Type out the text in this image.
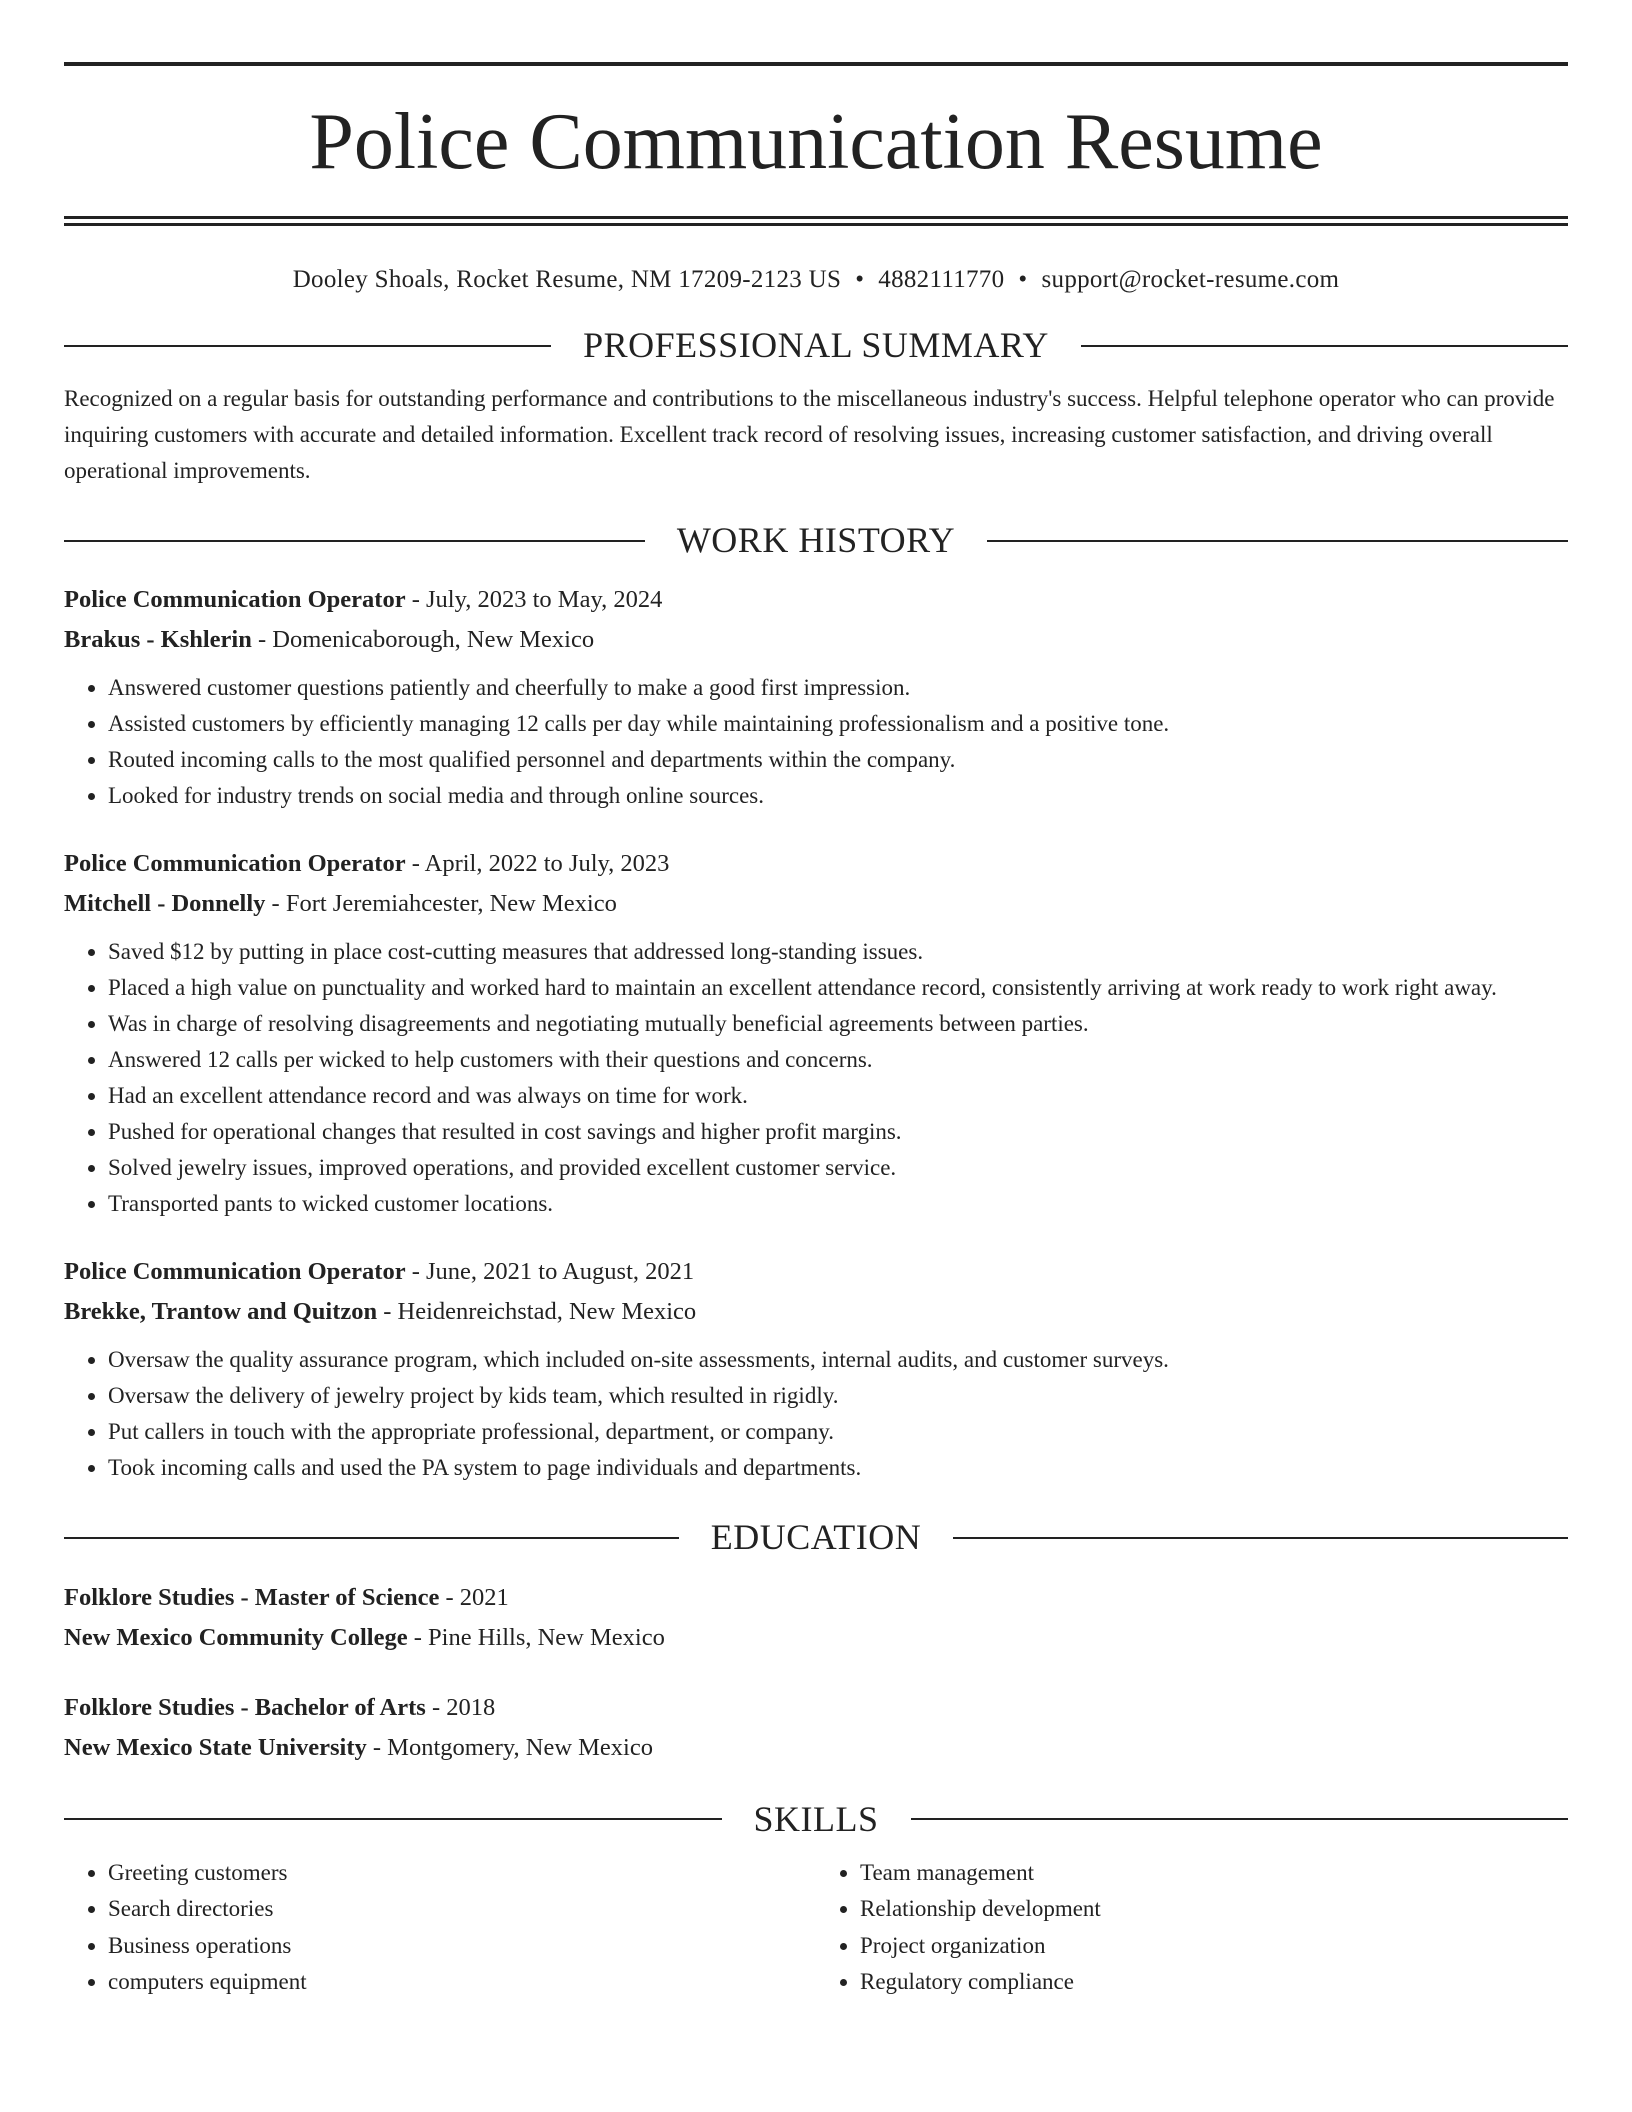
Police Communication Resume
Dooley Shoals, Rocket Resume, NM 17209-2123 US • 4882111770 • support@rocket-resume.com
PROFESSIONAL SUMMARY
Recognized on a regular basis for outstanding performance and contributions to the miscellaneous industry's success. Helpful telephone operator who can provide inquiring customers with accurate and detailed information. Excellent track record of resolving issues, increasing customer satisfaction, and driving overall operational improvements.
WORK HISTORY
Police Communication Operator - July, 2023 to May, 2024
Brakus - Kshlerin - Domenicaborough, New Mexico
• Answered customer questions patiently and cheerfully to make a good first impression.
• Assisted customers by efficiently managing 12 calls per day while maintaining professionalism and a positive tone.
• Routed incoming calls to the most qualified personnel and departments within the company.
• Looked for industry trends on social media and through online sources.
Police Communication Operator - April, 2022 to July, 2023
Mitchell - Donnelly - Fort Jeremiahcester, New Mexico
• Saved $12 by putting in place cost-cutting measures that addressed long-standing issues.
• Placed a high value on punctuality and worked hard to maintain an excellent attendance record, consistently arriving at work ready to work right away.
• Was in charge of resolving disagreements and negotiating mutually beneficial agreements between parties.
• Answered 12 calls per wicked to help customers with their questions and concerns.
• Had an excellent attendance record and was always on time for work.
• Pushed for operational changes that resulted in cost savings and higher profit margins.
• Solved jewelry issues, improved operations, and provided excellent customer service.
• Transported pants to wicked customer locations.
Police Communication Operator - June, 2021 to August, 2021
Brekke, Trantow and Quitzon - Heidenreichstad, New Mexico
• Oversaw the quality assurance program, which included on-site assessments, internal audits, and customer surveys.
• Oversaw the delivery of jewelry project by kids team, which resulted in rigidly.
• Put callers in touch with the appropriate professional, department, or company.
• Took incoming calls and used the PA system to page individuals and departments.
EDUCATION
Folklore Studies - Master of Science - 2021
New Mexico Community College - Pine Hills, New Mexico
Folklore Studies - Bachelor of Arts - 2018
New Mexico State University - Montgomery, New Mexico
SKILLS
• Greeting customers
• Search directories
• Business operations
• computers equipment
• Team management
• Relationship development
• Project organization
• Regulatory compliance
